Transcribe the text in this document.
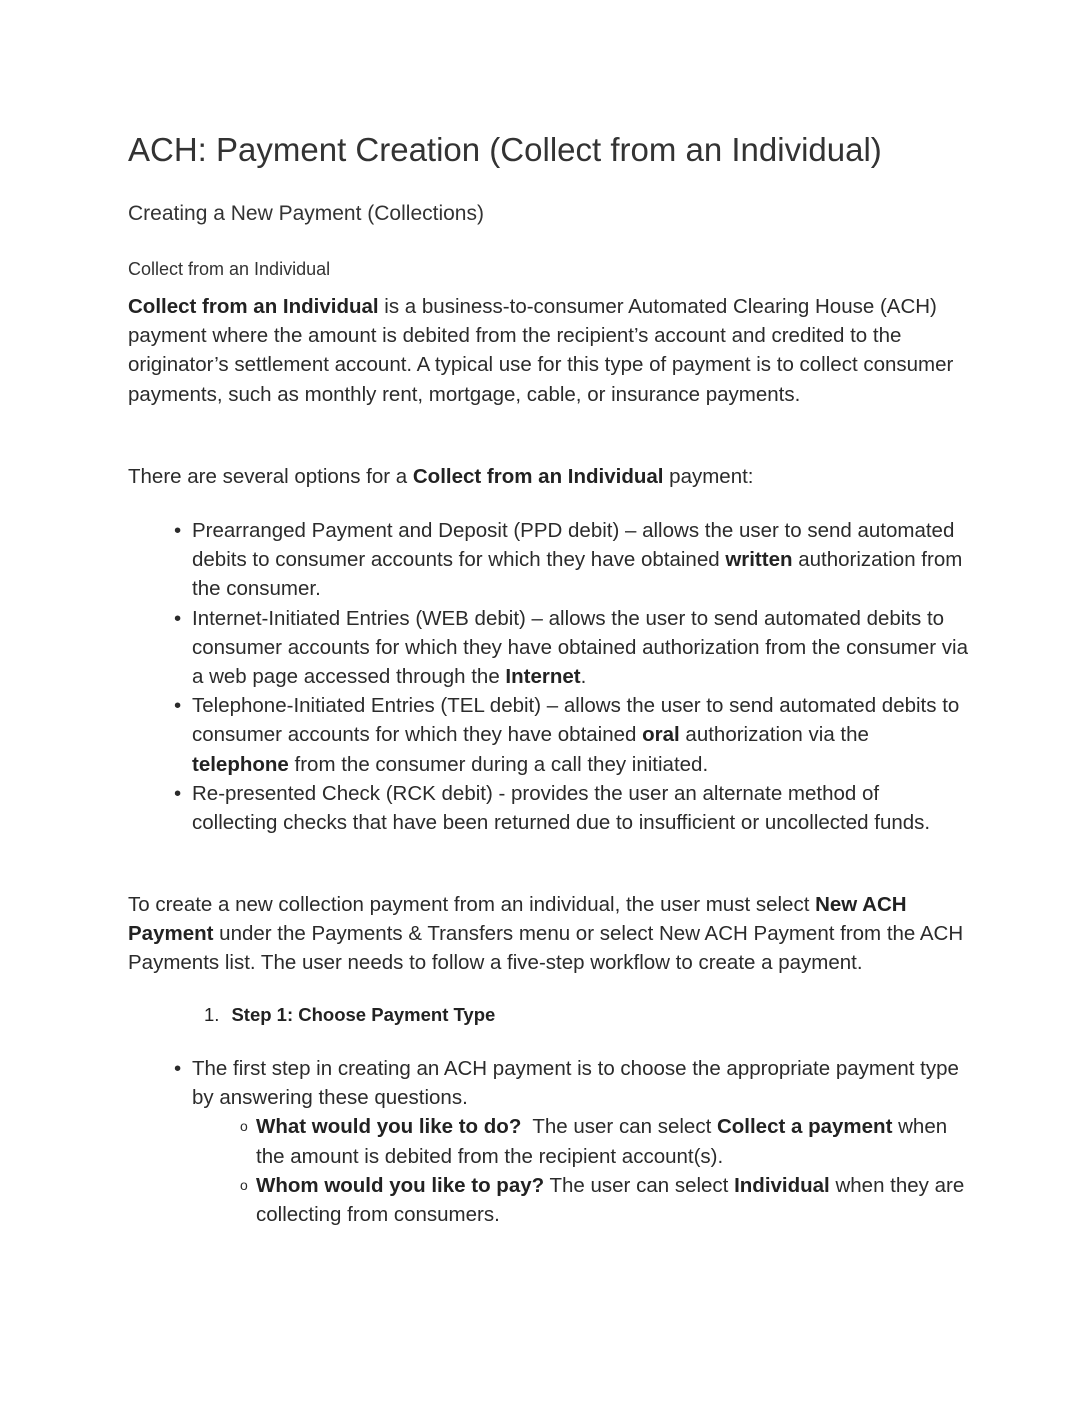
ACH: Payment Creation (Collect from an Individual)
Creating a New Payment (Collections)
Collect from an Individual

Collect from an Individual is a business-to-consumer Automated Clearing House (ACH) payment where the amount is debited from the recipient’s account and credited to the originator’s settlement account. A typical use for this type of payment is to collect consumer payments, such as monthly rent, mortgage, cable, or insurance payments.

There are several options for a Collect from an Individual payment:

• Prearranged Payment and Deposit (PPD debit) – allows the user to send automated debits to consumer accounts for which they have obtained written authorization from the consumer.
• Internet-Initiated Entries (WEB debit) – allows the user to send automated debits to consumer accounts for which they have obtained authorization from the consumer via a web page accessed through the Internet.
• Telephone-Initiated Entries (TEL debit) – allows the user to send automated debits to consumer accounts for which they have obtained oral authorization via the telephone from the consumer during a call they initiated.
• Re-presented Check (RCK debit) - provides the user an alternate method of collecting checks that have been returned due to insufficient or uncollected funds.

To create a new collection payment from an individual, the user must select New ACH Payment under the Payments & Transfers menu or select New ACH Payment from the ACH Payments list. The user needs to follow a five-step workflow to create a payment.

1. Step 1: Choose Payment Type
• The first step in creating an ACH payment is to choose the appropriate payment type by answering these questions.
o What would you like to do?  The user can select Collect a payment when the amount is debited from the recipient account(s).
o Whom would you like to pay? The user can select Individual when they are collecting from consumers.
